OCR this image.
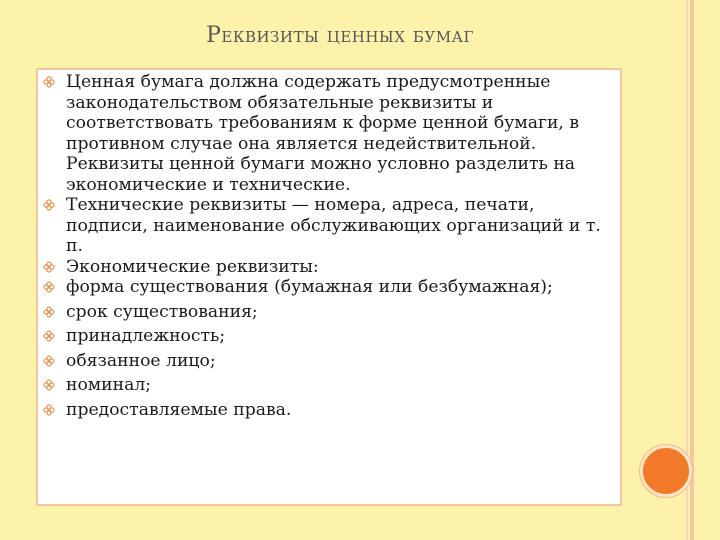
Реквизиты ценных бумаг
Ценная бумага должна содержать предусмотренные законодательством обязательные реквизиты и соответствовать требованиям к форме ценной бумаги, в противном случае она является недействительной. Реквизиты ценной бумаги можно условно разделить на экономические и технические.
Технические реквизиты — номера, адреса, печати, подписи, наименование обслуживающих организаций и т. п.
Экономические реквизиты:
форма существования (бумажная или безбумажная);
срок существования;
принадлежность;
обязанное лицо;
номинал;
предоставляемые права.
